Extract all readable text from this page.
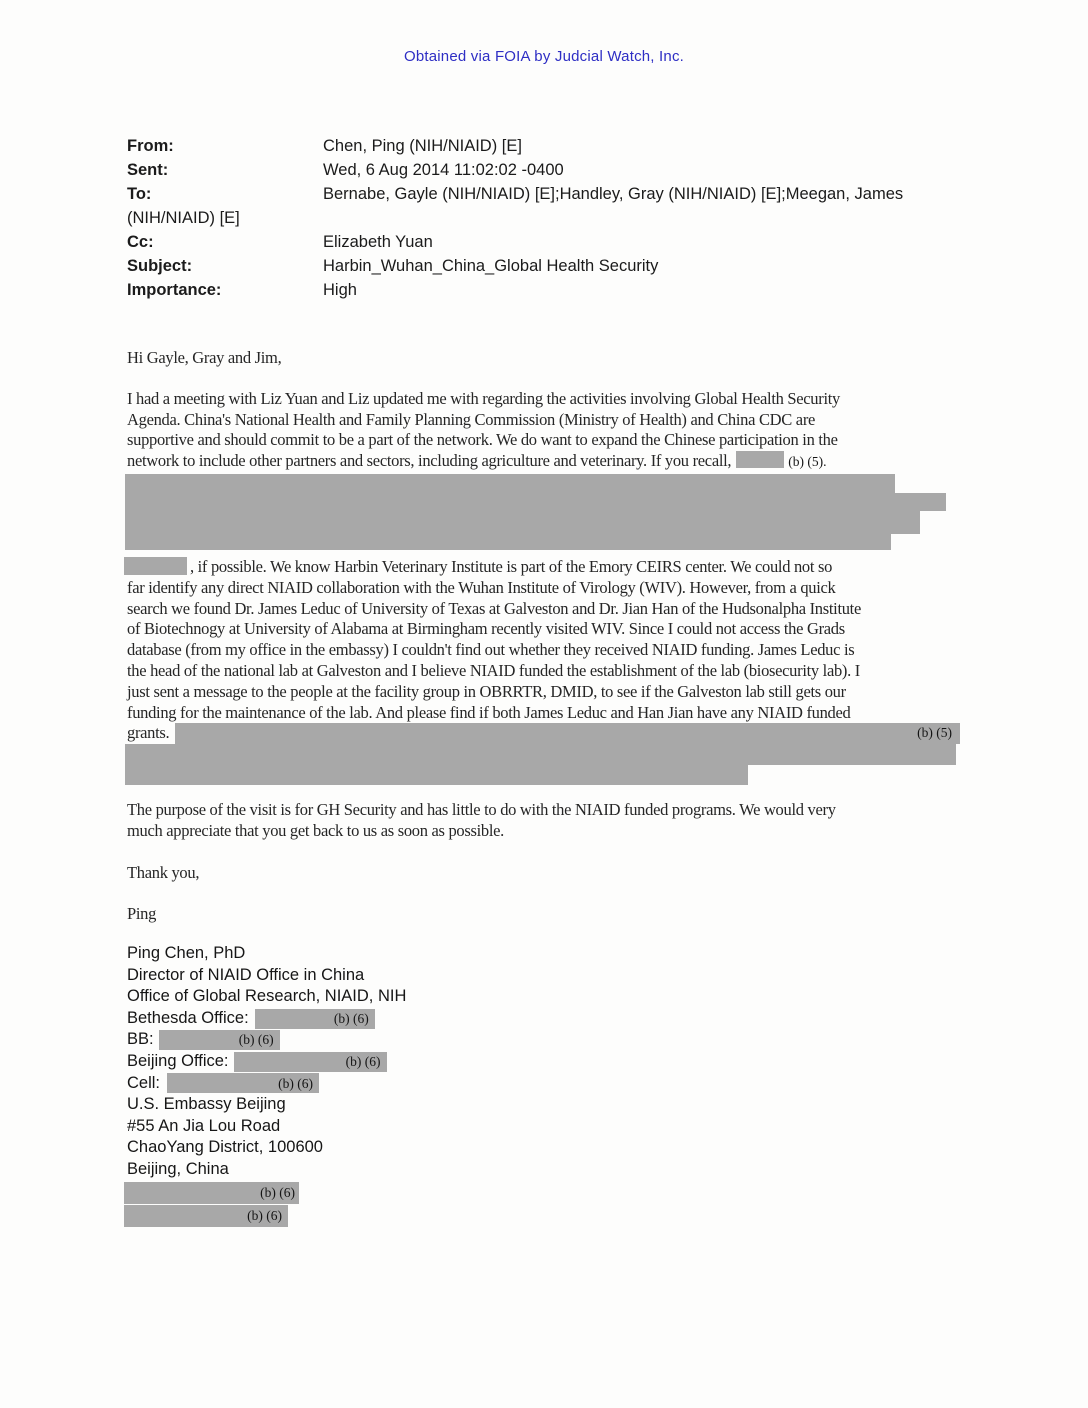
Obtained via FOIA by Judcial Watch, Inc.
From:	Chen, Ping (NIH/NIAID) [E]
Sent:	Wed, 6 Aug 2014 11:02:02 -0400
To:	Bernabe, Gayle (NIH/NIAID) [E];Handley, Gray (NIH/NIAID) [E];Meegan, James
(NIH/NIAID) [E]
Cc:	Elizabeth Yuan
Subject:	Harbin_Wuhan_China_Global Health Security
Importance:	High
Hi Gayle, Gray and Jim,
I had a meeting with Liz Yuan and Liz updated me with regarding the activities involving Global Health Security
Agenda. China's National Health and Family Planning Commission (Ministry of Health) and China CDC are
supportive and should commit to be a part of the network. We do want to expand the Chinese participation in the
network to include other partners and sectors, including agriculture and veterinary. If you recall,	(b) (5).
, if possible. We know Harbin Veterinary Institute is part of the Emory CEIRS center. We could not so
far identify any direct NIAID collaboration with the Wuhan Institute of Virology (WIV). However, from a quick
search we found Dr. James Leduc of University of Texas at Galveston and Dr. Jian Han of the Hudsonalpha Institute
of Biotechnogy at University of Alabama at Birmingham recently visited WIV. Since I could not access the Grads
database (from my office in the embassy) I couldn't find out whether they received NIAID funding. James Leduc is
the head of the national lab at Galveston and I believe NIAID funded the establishment of the lab (biosecurity lab). I
just sent a message to the people at the facility group in OBRRTR, DMID, to see if the Galveston lab still gets our
funding for the maintenance of the lab. And please find if both James Leduc and Han Jian have any NIAID funded
grants.	(b) (5)
The purpose of the visit is for GH Security and has little to do with the NIAID funded programs. We would very
much appreciate that you get back to us as soon as possible.
Thank you,
Ping
Ping Chen, PhD
Director of NIAID Office in China
Office of Global Research, NIAID, NIH
Bethesda Office:	(b) (6)
BB:	(b) (6)
Beijing Office:	(b) (6)
Cell:	(b) (6)
U.S. Embassy Beijing
#55 An Jia Lou Road
ChaoYang District, 100600
Beijing, China
(b) (6)
(b) (6)
